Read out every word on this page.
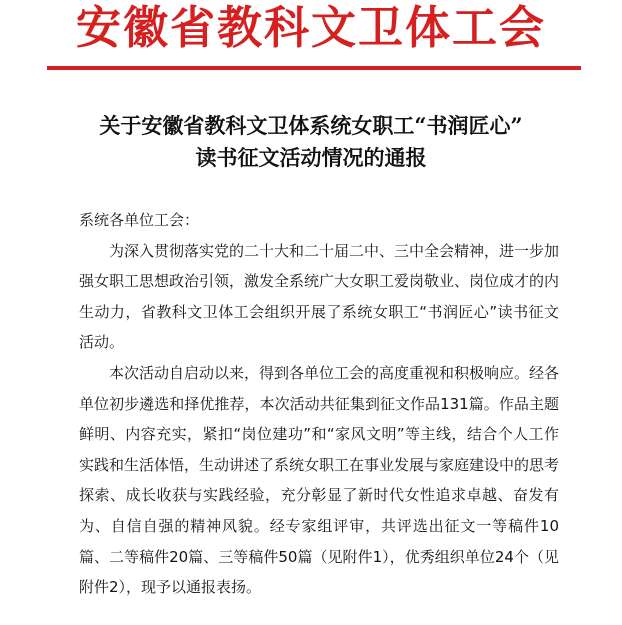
安徽省教科文卫体工会
关于安徽省教科文卫体系统女职工“书润匠心”
读书征文活动情况的通报

系统各单位工会：

为深入贯彻落实党的二十大和二十届二中、三中全会精神，进一步加强女职工思想政治引领，激发全系统广大女职工爱岗敬业、岗位成才的内生动力，省教科文卫体工会组织开展了系统女职工“书润匠心”读书征文活动。

本次活动自启动以来，得到各单位工会的高度重视和积极响应。经各单位初步遴选和择优推荐，本次活动共征集到征文作品131篇。作品主题鲜明、内容充实，紧扣“岗位建功”和“家风文明”等主线，结合个人工作实践和生活体悟，生动讲述了系统女职工在事业发展与家庭建设中的思考探索、成长收获与实践经验，充分彰显了新时代女性追求卓越、奋发有为、自信自强的精神风貌。经专家组评审，共评选出征文一等稿件10篇、二等稿件20篇、三等稿件50篇（见附件1），优秀组织单位24个（见附件2），现予以通报表扬。
